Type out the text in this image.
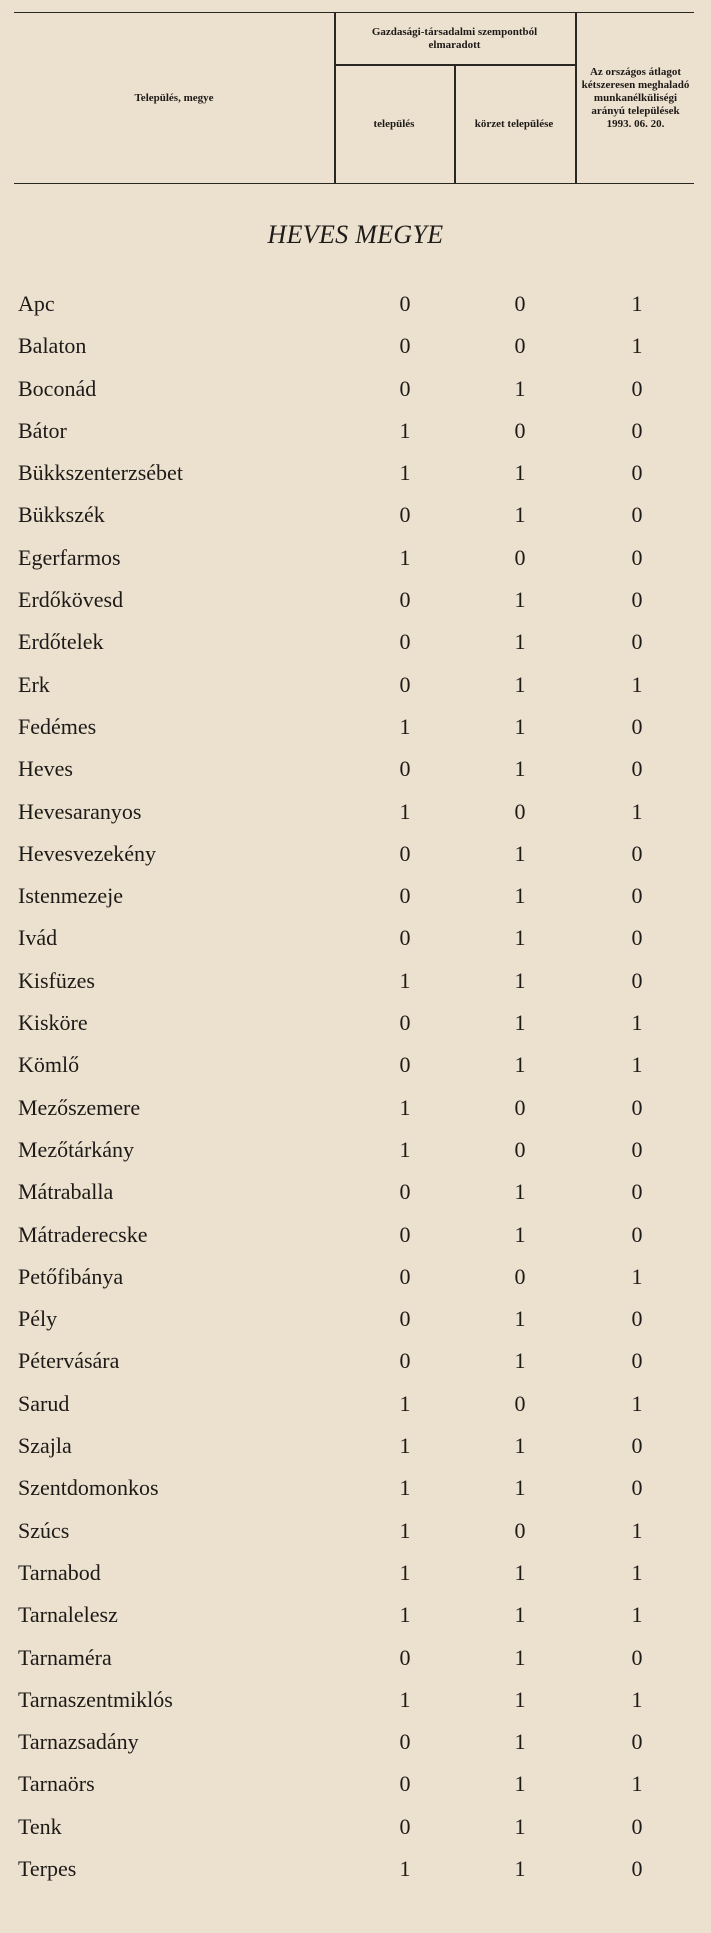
Település, megye
Gazdasági-társadalmi szempontból elmaradott
település	körzet települése
Az országos átlagot kétszeresen meghaladó munkanélküliségi arányú települések 1993. 06. 20.
HEVES MEGYE
Apc	0	0	1
Balaton	0	0	1
Boconád	0	1	0
Bátor	1	0	0
Bükkszenterzsébet	1	1	0
Bükkszék	0	1	0
Egerfarmos	1	0	0
Erdőkövesd	0	1	0
Erdőtelek	0	1	0
Erk	0	1	1
Fedémes	1	1	0
Heves	0	1	0
Hevesaranyos	1	0	1
Hevesvezekény	0	1	0
Istenmezeje	0	1	0
Ivád	0	1	0
Kisfüzes	1	1	0
Kisköre	0	1	1
Kömlő	0	1	1
Mezőszemere	1	0	0
Mezőtárkány	1	0	0
Mátraballa	0	1	0
Mátraderecske	0	1	0
Petőfibánya	0	0	1
Pély	0	1	0
Pétervására	0	1	0
Sarud	1	0	1
Szajla	1	1	0
Szentdomonkos	1	1	0
Szúcs	1	0	1
Tarnabod	1	1	1
Tarnalelesz	1	1	1
Tarnaméra	0	1	0
Tarnaszentmiklós	1	1	1
Tarnazsadány	0	1	0
Tarnaörs	0	1	1
Tenk	0	1	0
Terpes	1	1	0
